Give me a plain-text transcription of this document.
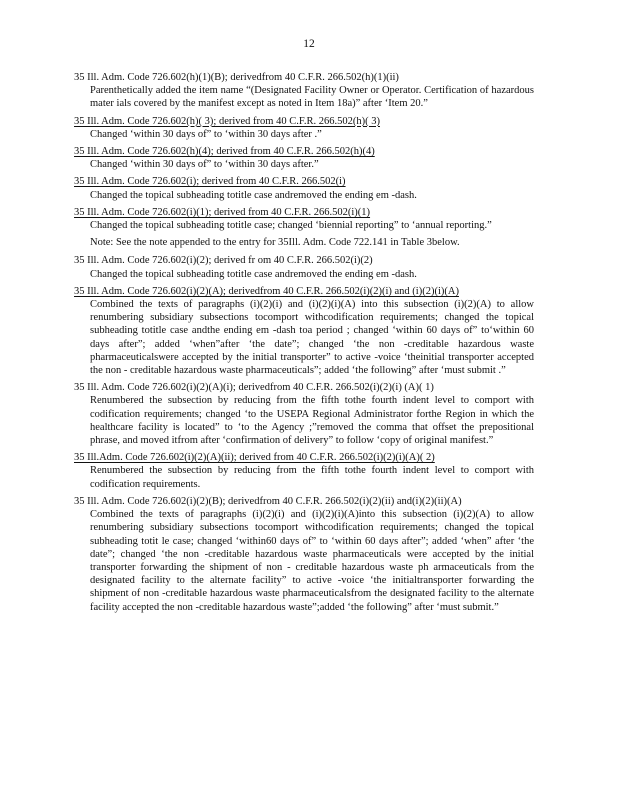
12
35 Ill. Adm. Code 726.602(h)(1)(B); derivedfrom 40 C.F.R. 266.502(h)(1)(ii)
Parenthetically added the item name “(Designated Facility Owner or Operator. Certification of hazardous mater ials covered by the manifest except as noted in Item 18a)” after ‘Item 20.”
35 Ill. Adm. Code 726.602(h)( 3); derived from 40 C.F.R. 266.502(h)( 3)
Changed ‘within 30 days of” to ‘within 30 days after .”
35 Ill. Adm. Code 726.602(h)(4); derived from 40 C.F.R. 266.502(h)(4)
Changed ‘within 30 days of” to ‘within 30 days after.”
35 Ill. Adm. Code 726.602(i); derived from 40 C.F.R. 266.502(i)
Changed the topical subheading totitle case andremoved the ending em -dash.
35 Ill. Adm. Code 726.602(i)(1); derived from 40 C.F.R. 266.502(i)(1)
Changed the topical subheading totitle case; changed ‘biennial reporting” to ‘annual reporting.”
Note: See the note appended to the entry for 35Ill. Adm. Code 722.141 in Table 3below.
35 Ill. Adm. Code 726.602(i)(2); derived fr om 40 C.F.R. 266.502(i)(2)
Changed the topical subheading totitle case andremoved the ending em -dash.
35 Ill. Adm. Code 726.602(i)(2)(A); derivedfrom 40 C.F.R. 266.502(i)(2)(i) and (i)(2)(i)(A)
Combined the texts of paragraphs (i)(2)(i) and (i)(2)(i)(A) into this subsection (i)(2)(A) to allow renumbering subsidiary subsections tocomport withcodification requirements; changed the topical subheading totitle case andthe ending em -dash toa period ; changed ‘within 60 days of” to‘within 60 days after”; added ‘when”after ‘the date”; changed ‘the non -creditable hazardous waste pharmaceuticalswere accepted by the initial transporter” to active -voice ‘theinitial transporter accepted the non - creditable hazardous waste pharmaceuticals”; added ‘the following” after ‘must submit .”
35 Ill. Adm. Code 726.602(i)(2)(A)(i); derivedfrom 40 C.F.R. 266.502(i)(2)(i) (A)( 1)
Renumbered the subsection by reducing from the fifth tothe fourth indent level to comport with codification requirements; changed ‘to the USEPA Regional Administrator forthe Region in which the healthcare facility is located” to ‘to the Agency ;”removed the comma that offset the prepositional phrase, and moved itfrom after ‘confirmation of delivery” to follow ‘copy of original manifest.”
35 Ill.Adm. Code 726.602(i)(2)(A)(ii); derived from 40 C.F.R. 266.502(i)(2)(i)(A)( 2)
Renumbered the subsection by reducing from the fifth tothe fourth indent level to comport with codification requirements.
35 Ill. Adm. Code 726.602(i)(2)(B); derivedfrom 40 C.F.R. 266.502(i)(2)(ii) and(i)(2)(ii)(A)
Combined the texts of paragraphs (i)(2)(i) and (i)(2)(i)(A)into this subsection (i)(2)(A) to allow renumbering subsidiary subsections tocomport withcodification requirements; changed the topical subheading totit le case; changed ‘within60 days of” to ‘within 60 days after”; added ‘when” after ‘the date”; changed ‘the non -creditable hazardous waste pharmaceuticals were accepted by the initial transporter forwarding the shipment of non - creditable hazardous waste ph armaceuticals from the designated facility to the alternate facility” to active -voice ‘the initialtransporter forwarding the shipment of non -creditable hazardous waste pharmaceuticalsfrom the designated facility to the alternate facility accepted the non -creditable hazardous waste”;added ‘the following” after ‘must submit.”
